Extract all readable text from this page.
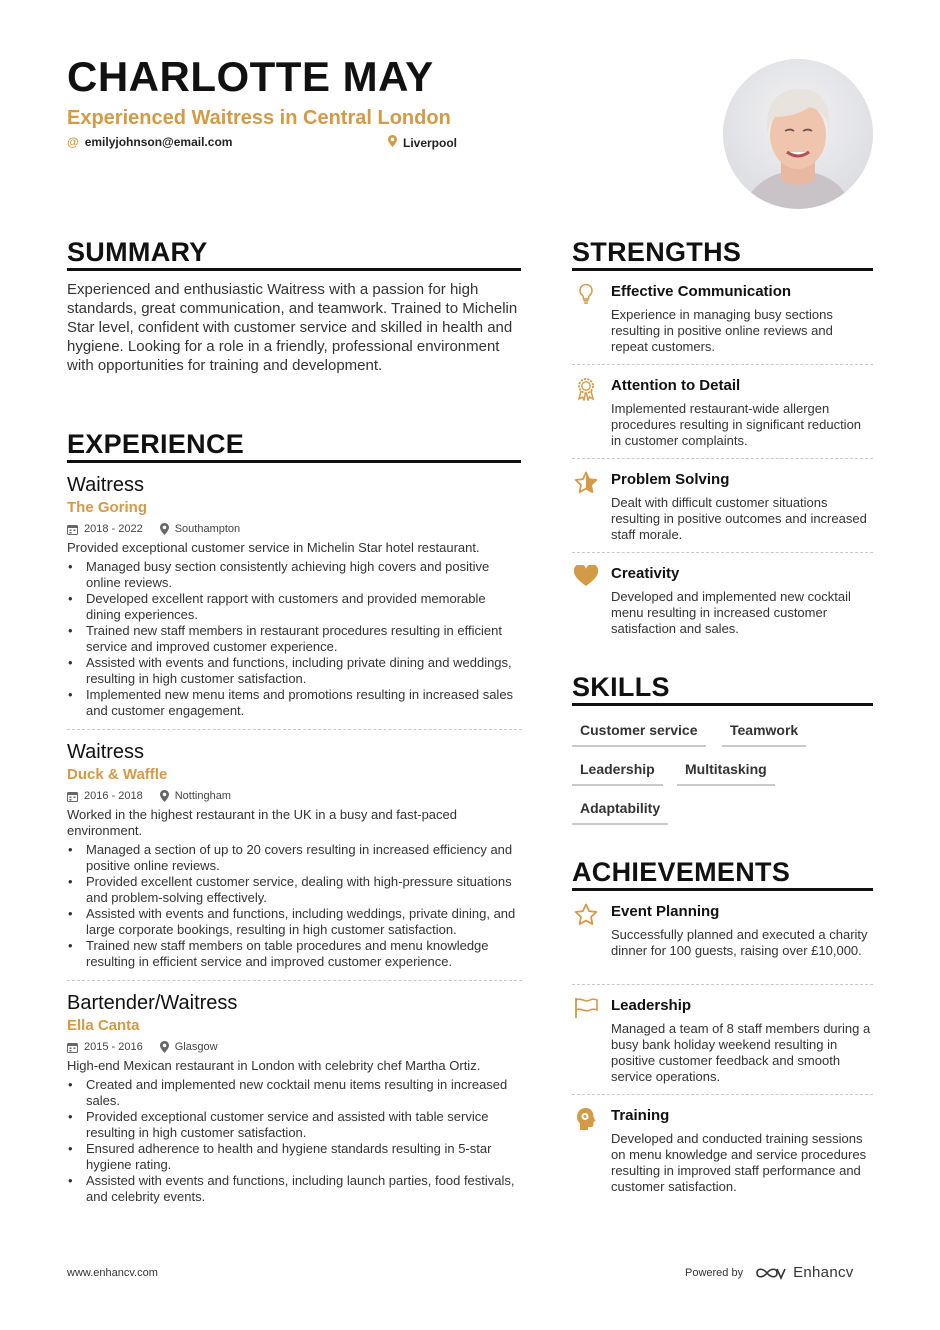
CHARLOTTE MAY
Experienced Waitress in Central London
@ emilyjohnson@email.com	Liverpool
SUMMARY
Experienced and enthusiastic Waitress with a passion for high standards, great communication, and teamwork. Trained to Michelin Star level, confident with customer service and skilled in health and hygiene. Looking for a role in a friendly, professional environment with opportunities for training and development.
EXPERIENCE
Waitress
The Goring
2018 - 2022	Southampton
Provided exceptional customer service in Michelin Star hotel restaurant.
• Managed busy section consistently achieving high covers and positive online reviews.
• Developed excellent rapport with customers and provided memorable dining experiences.
• Trained new staff members in restaurant procedures resulting in efficient service and improved customer experience.
• Assisted with events and functions, including private dining and weddings, resulting in high customer satisfaction.
• Implemented new menu items and promotions resulting in increased sales and customer engagement.
Waitress
Duck & Waffle
2016 - 2018	Nottingham
Worked in the highest restaurant in the UK in a busy and fast-paced environment.
• Managed a section of up to 20 covers resulting in increased efficiency and positive online reviews.
• Provided excellent customer service, dealing with high-pressure situations and problem-solving effectively.
• Assisted with events and functions, including weddings, private dining, and large corporate bookings, resulting in high customer satisfaction.
• Trained new staff members on table procedures and menu knowledge resulting in efficient service and improved customer experience.
Bartender/Waitress
Ella Canta
2015 - 2016	Glasgow
High-end Mexican restaurant in London with celebrity chef Martha Ortiz.
• Created and implemented new cocktail menu items resulting in increased sales.
• Provided exceptional customer service and assisted with table service resulting in high customer satisfaction.
• Ensured adherence to health and hygiene standards resulting in 5-star hygiene rating.
• Assisted with events and functions, including launch parties, food festivals, and celebrity events.
STRENGTHS
Effective Communication
Experience in managing busy sections resulting in positive online reviews and repeat customers.
Attention to Detail
Implemented restaurant-wide allergen procedures resulting in significant reduction in customer complaints.
Problem Solving
Dealt with difficult customer situations resulting in positive outcomes and increased staff morale.
Creativity
Developed and implemented new cocktail menu resulting in increased customer satisfaction and sales.
SKILLS
Customer service	Teamwork
Leadership	Multitasking
Adaptability
ACHIEVEMENTS
Event Planning
Successfully planned and executed a charity dinner for 100 guests, raising over £10,000.
Leadership
Managed a team of 8 staff members during a busy bank holiday weekend resulting in positive customer feedback and smooth service operations.
Training
Developed and conducted training sessions on menu knowledge and service procedures resulting in improved staff performance and customer satisfaction.
www.enhancv.com	Powered by	Enhancv
